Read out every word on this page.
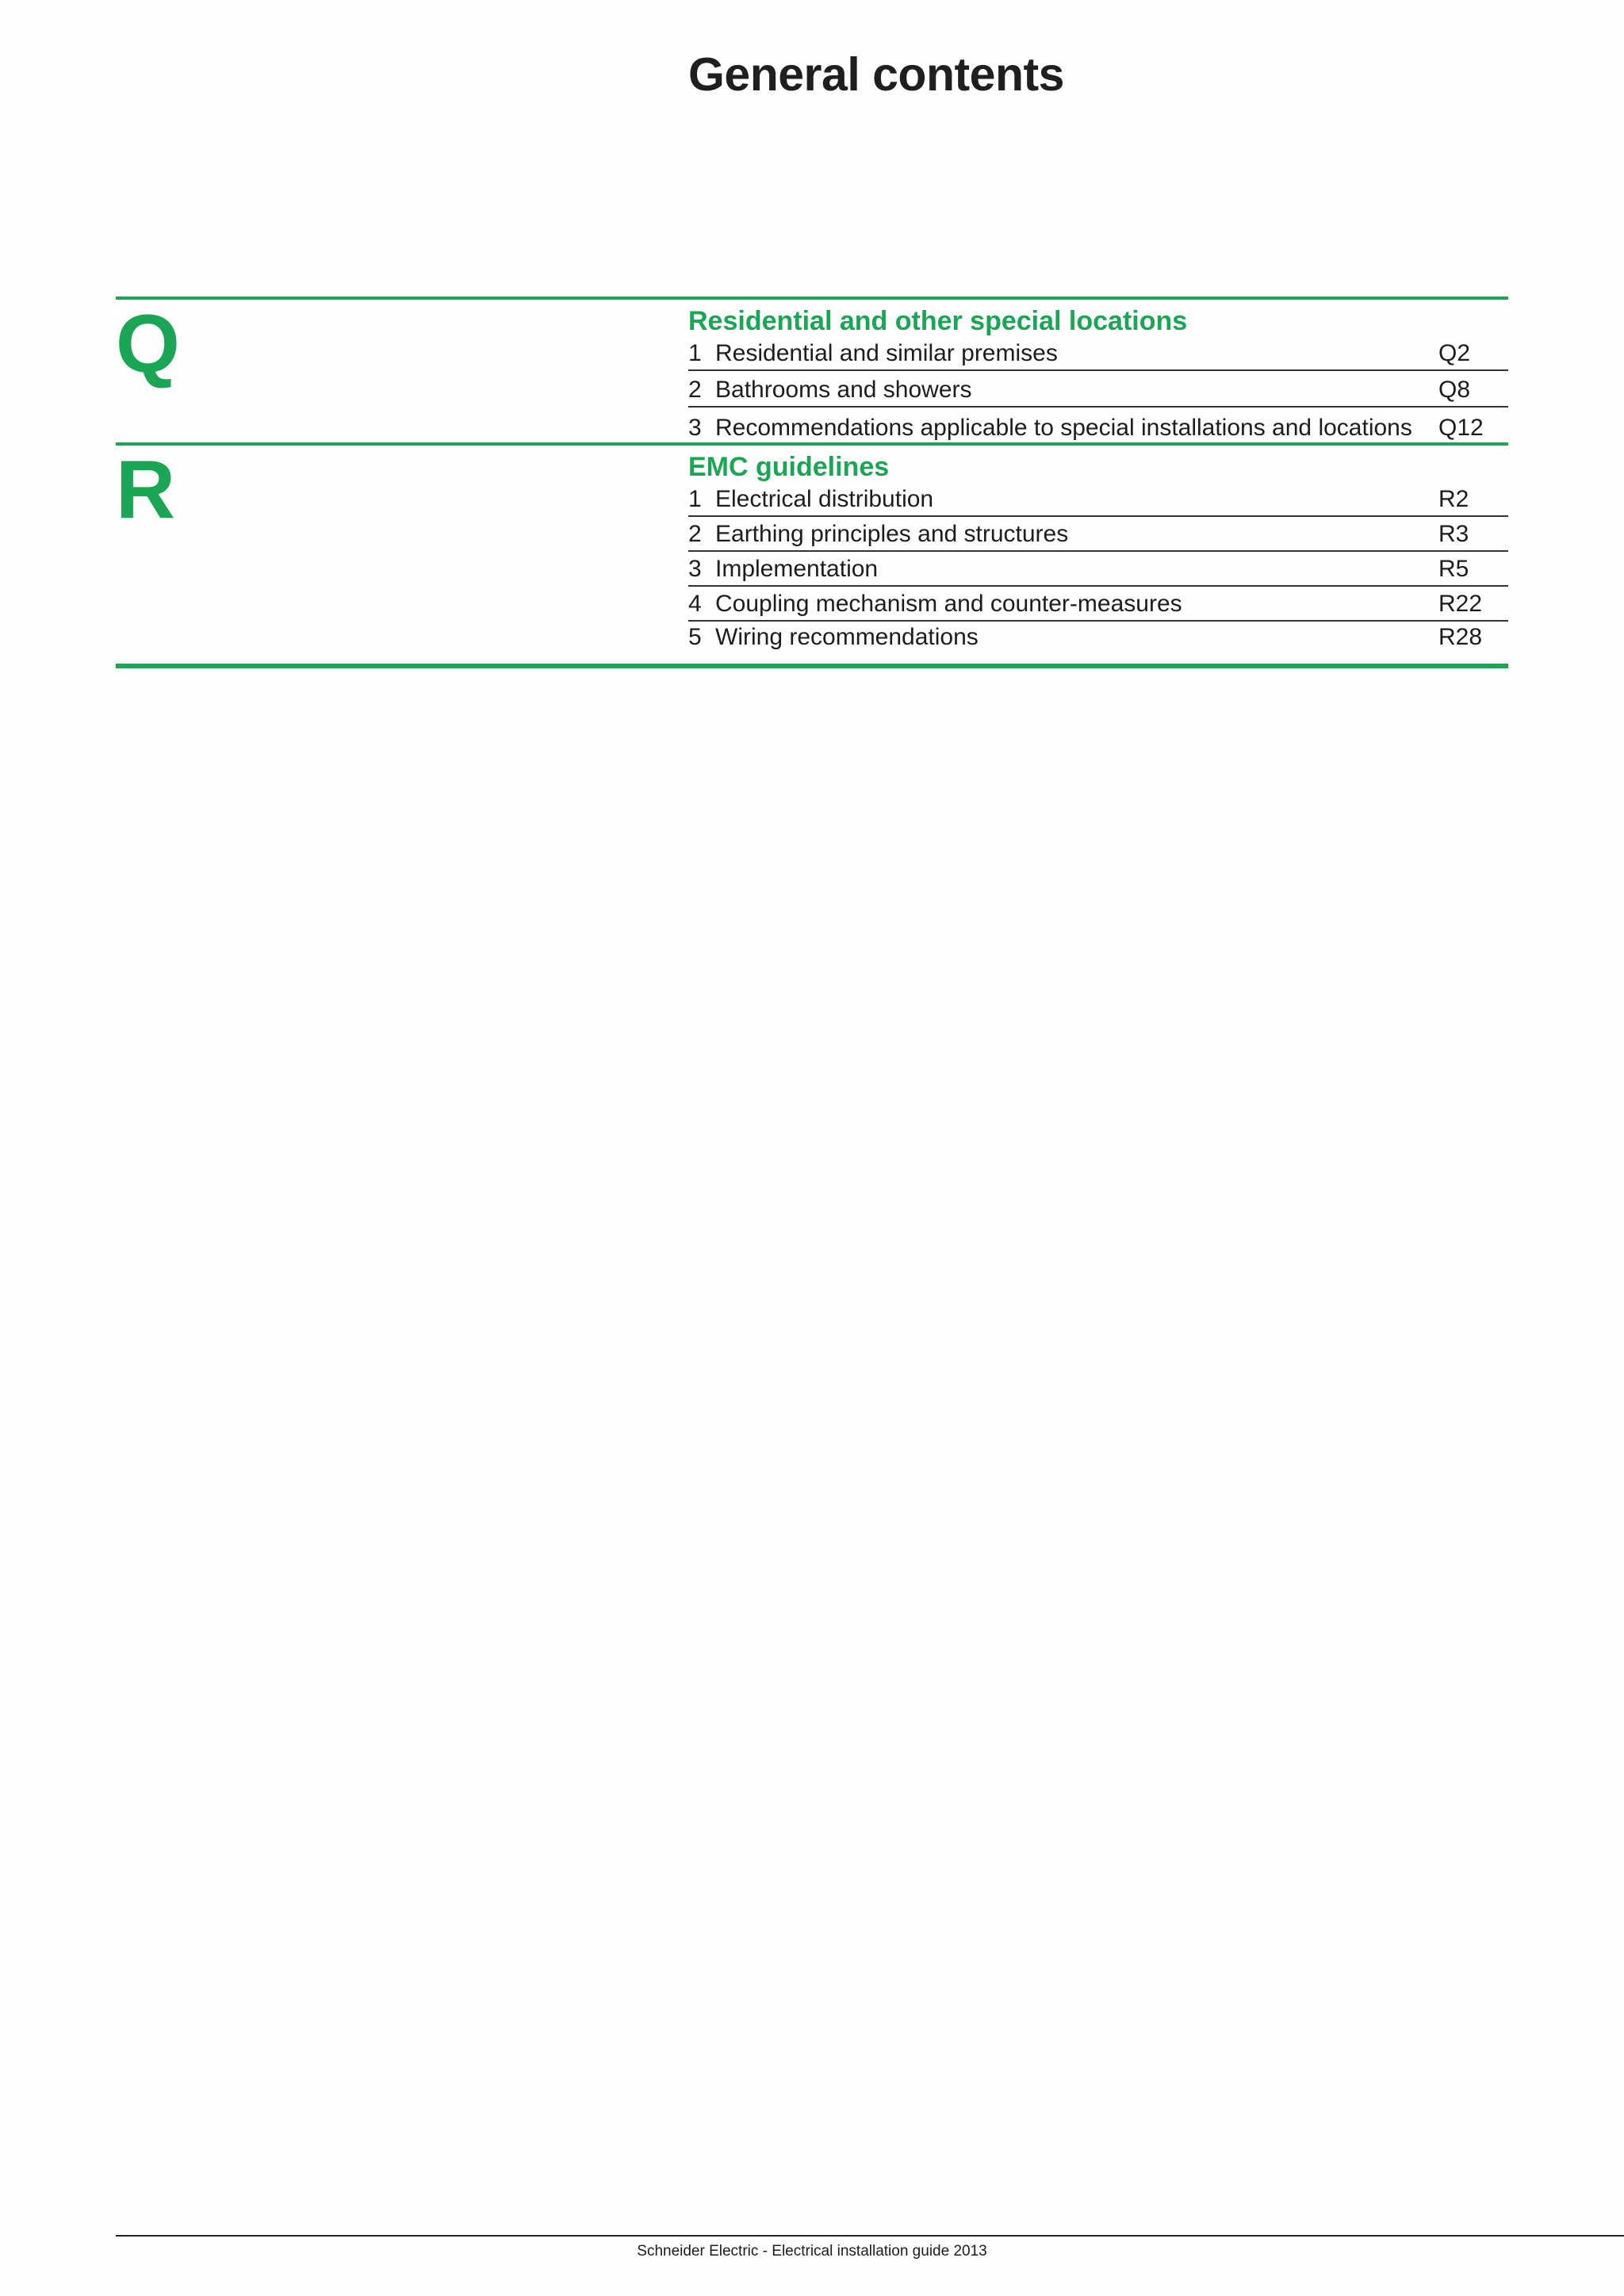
General contents
Q	Residential and other special locations
1 Residential and similar premises	Q2
2 Bathrooms and showers	Q8
3 Recommendations applicable to special installations and locations	Q12
R	EMC guidelines
1 Electrical distribution	R2
2 Earthing principles and structures	R3
3 Implementation	R5
4 Coupling mechanism and counter-measures	R22
5 Wiring recommendations	R28
Schneider Electric - Electrical installation guide 2013
